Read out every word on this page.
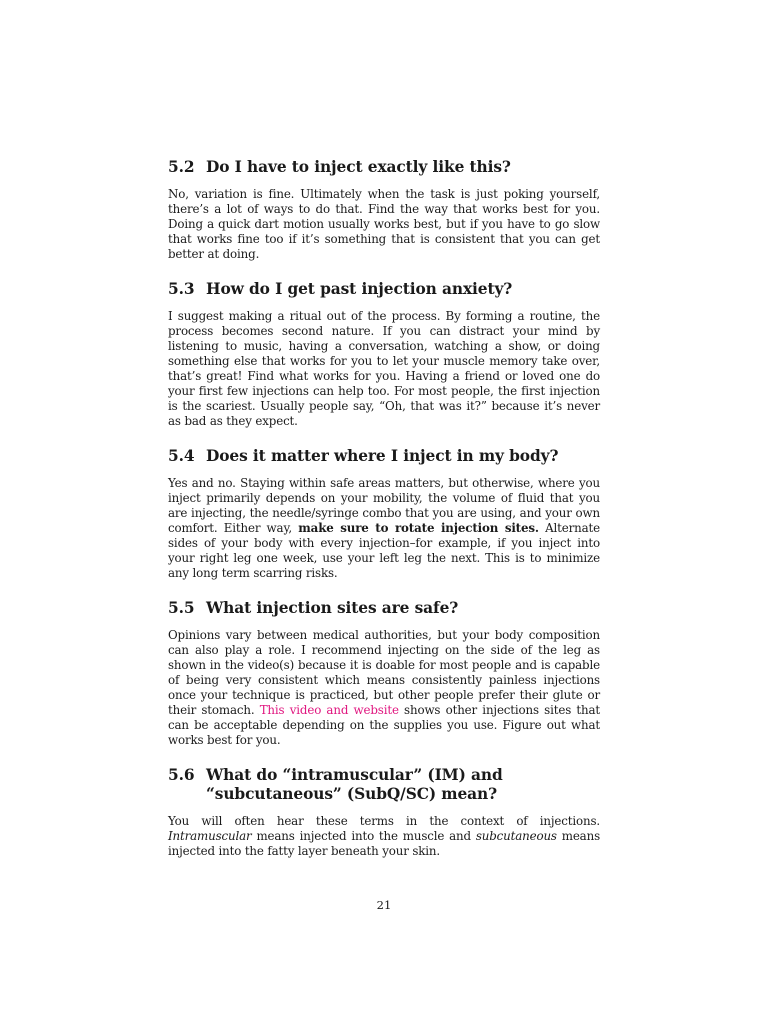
5.2 Do I have to inject exactly like this?

No, variation is fine. Ultimately when the task is just poking yourself, there’s a lot of ways to do that. Find the way that works best for you. Doing a quick dart motion usually works best, but if you have to go slow that works fine too if it’s something that is consistent that you can get better at doing.

5.3 How do I get past injection anxiety?

I suggest making a ritual out of the process. By forming a routine, the process becomes second nature. If you can distract your mind by listening to music, having a conversation, watching a show, or doing something else that works for you to let your muscle memory take over, that’s great! Find what works for you. Having a friend or loved one do your first few injections can help too. For most people, the first injection is the scariest. Usually people say, “Oh, that was it?” because it’s never as bad as they expect.

5.4 Does it matter where I inject in my body?

Yes and no. Staying within safe areas matters, but otherwise, where you inject primarily depends on your mobility, the volume of fluid that you are injecting, the needle/syringe combo that you are using, and your own comfort. Either way, make sure to rotate injection sites. Alternate sides of your body with every injection–for example, if you inject into your right leg one week, use your left leg the next. This is to minimize any long term scarring risks.

5.5 What injection sites are safe?

Opinions vary between medical authorities, but your body composition can also play a role. I recommend injecting on the side of the leg as shown in the video(s) because it is doable for most people and is capable of being very consistent which means consistently painless injections once your technique is practiced, but other people prefer their glute or their stomach. This video and website shows other injections sites that can be acceptable depending on the supplies you use. Figure out what works best for you.

5.6 What do “intramuscular” (IM) and “subcutaneous” (SubQ/SC) mean?

You will often hear these terms in the context of injections. Intramuscular means injected into the muscle and subcutaneous means injected into the fatty layer beneath your skin.

21
